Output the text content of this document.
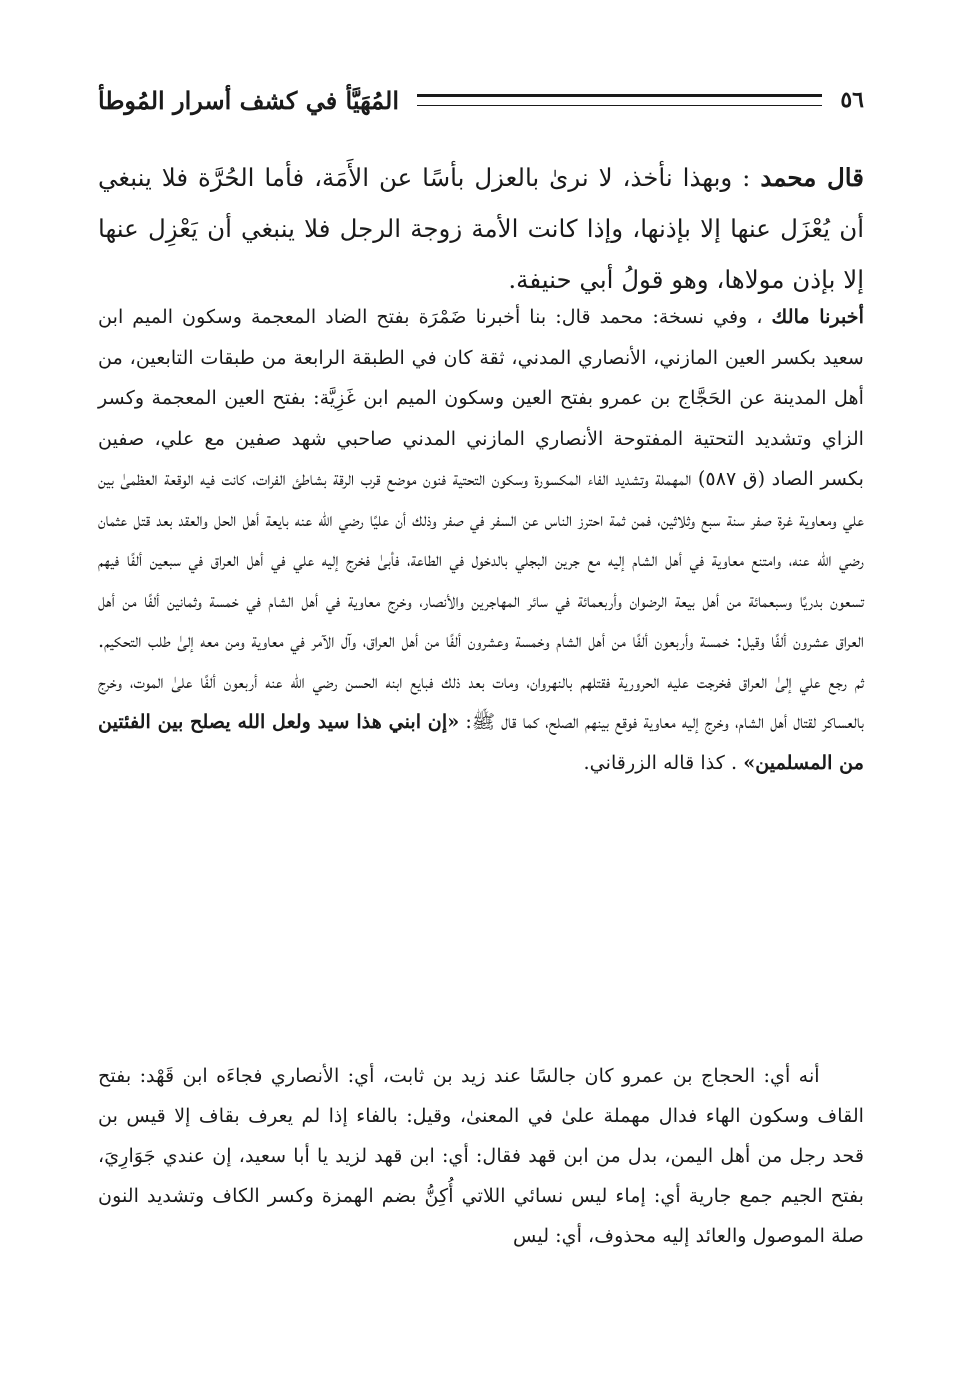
٥٦
المُهَيَّأ في كشف أسرار المُوطأ

قال محمد : وبهذا نأخذ، لا نرىٰ بالعزل بأسًا عن الأَمَة، فأما الحُرَّة فلا ينبغي أن يُعْزَل عنها إلا بإذنها، وإذا كانت الأمة زوجة الرجل فلا ينبغي أن يَعْزِل عنها إلا بإذن مولاها، وهو قولُ أبي حنيفة.

أخبرنا مالك ، وفي نسخة: محمد قال: بنا أخبرنا ضَمْرَة بفتح الضاد المعجمة وسكون الميم ابن سعيد بكسر العين المازني، الأنصاري المدني، ثقة كان في الطبقة الرابعة من طبقات التابعين، من أهل المدينة عن الحَجَّاج بن عمرو بفتح العين وسكون الميم ابن غَزِيَّة: بفتح العين المعجمة وكسر الزاي وتشديد التحتية المفتوحة الأنصاري المازني المدني صاحبي شهد صفين مع علي، صفين بكسر الصاد (ق ٥٨٧) المهملة وتشديد الفاء المكسورة وسكون التحتية فنون موضع قرب الرقة بشاطئ الفرات، كانت فيه الوقعة العظمىٰ بين علي ومعاوية غرة صفر سنة سبع وثلاثين، فمن ثمة احترز الناس عن السفر في صفر وذلك أن عليًا رضي الله عنه بايعة أهل الحل والعقد بعد قتل عثمان رضي الله عنه، وامتنع معاوية في أهل الشام إليه مع جرين البجلي بالدخول في الطاعة، فأبىٰ فخرج إليه علي في أهل العراق في سبعين ألفًا فيهم تسعون بدريًا وسبعمائة من أهل بيعة الرضوان وأربعمائة في سائر المهاجرين والأنصار، وخرج معاوية في أهل الشام في خمسة وثمانين ألفًا من أهل العراق عشرون ألفًا وقيل: خمسة وأربعون ألفًا من أهل الشام وخمسة وعشرون ألفًا من أهل العراق، وآل الآمر في معاوية ومن معه إلىٰ طلب التحكيم. ثم رجع علي إلىٰ العراق فخرجت عليه الحرورية فقتلهم بالنهروان، ومات بعد ذلك فبايع ابنه الحسن رضي الله عنه أربعون ألفًا علىٰ الموت، وخرج بالعساكر لقتال أهل الشام، وخرج إليه معاوية فوقع بينهم الصلح، كما قال ﷺ: «إن ابني هذا سيد ولعل الله يصلح بين الفئتين من المسلمين» . كذا قاله الزرقاني.

أنه أي: الحجاج بن عمرو كان جالسًا عند زيد بن ثابت، أي: الأنصاري فجاءَه ابن قَهْد: بفتح القاف وسكون الهاء فدال مهملة علىٰ في المعنىٰ، وقيل: بالفاء إذا لم يعرف بقاف إلا قيس بن قحد رجل من أهل اليمن، بدل من ابن قهد فقال: أي: ابن قهد لزيد يا أبا سعيد، إن عندي جَوَارِيَ، بفتح الجيم جمع جارية أي: إماء ليس نسائي اللاتي أُكِنُّ بضم الهمزة وكسر الكاف وتشديد النون صلة الموصول والعائد إليه محذوف، أي: ليس
